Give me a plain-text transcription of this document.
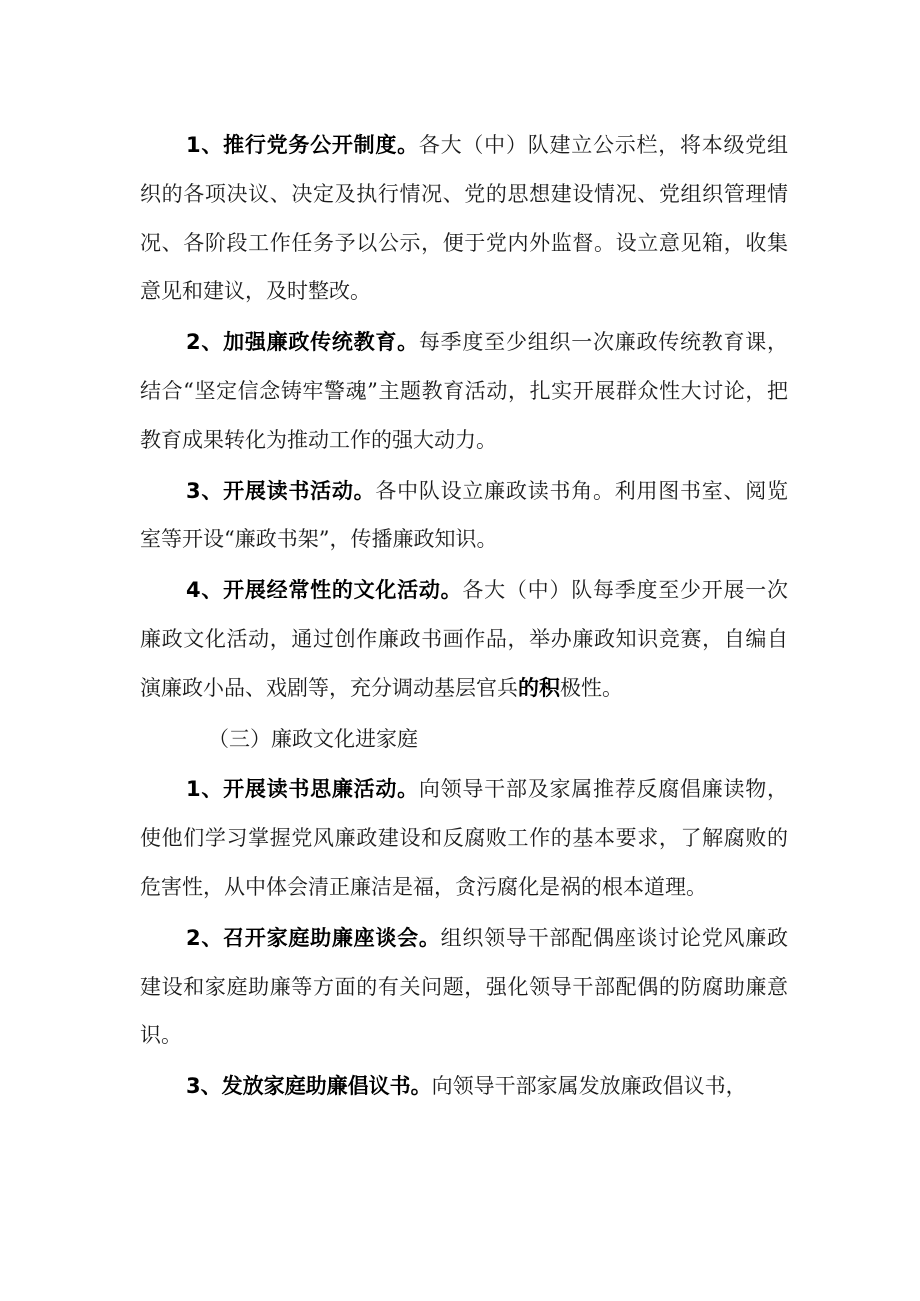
1、推行党务公开制度。各大（中）队建立公示栏，将本级党组织的各项决议、决定及执行情况、党的思想建设情况、党组织管理情况、各阶段工作任务予以公示，便于党内外监督。设立意见箱，收集意见和建议，及时整改。

2、加强廉政传统教育。每季度至少组织一次廉政传统教育课，结合“坚定信念铸牢警魂”主题教育活动，扎实开展群众性大讨论，把教育成果转化为推动工作的强大动力。

3、开展读书活动。各中队设立廉政读书角。利用图书室、阅览室等开设“廉政书架”，传播廉政知识。

4、开展经常性的文化活动。各大（中）队每季度至少开展一次廉政文化活动，通过创作廉政书画作品，举办廉政知识竞赛，自编自演廉政小品、戏剧等，充分调动基层官兵的积极性。

（三）廉政文化进家庭

1、开展读书思廉活动。向领导干部及家属推荐反腐倡廉读物，使他们学习掌握党风廉政建设和反腐败工作的基本要求，了解腐败的危害性，从中体会清正廉洁是福，贪污腐化是祸的根本道理。

2、召开家庭助廉座谈会。组织领导干部配偶座谈讨论党风廉政建设和家庭助廉等方面的有关问题，强化领导干部配偶的防腐助廉意识。

3、发放家庭助廉倡议书。向领导干部家属发放廉政倡议书，
